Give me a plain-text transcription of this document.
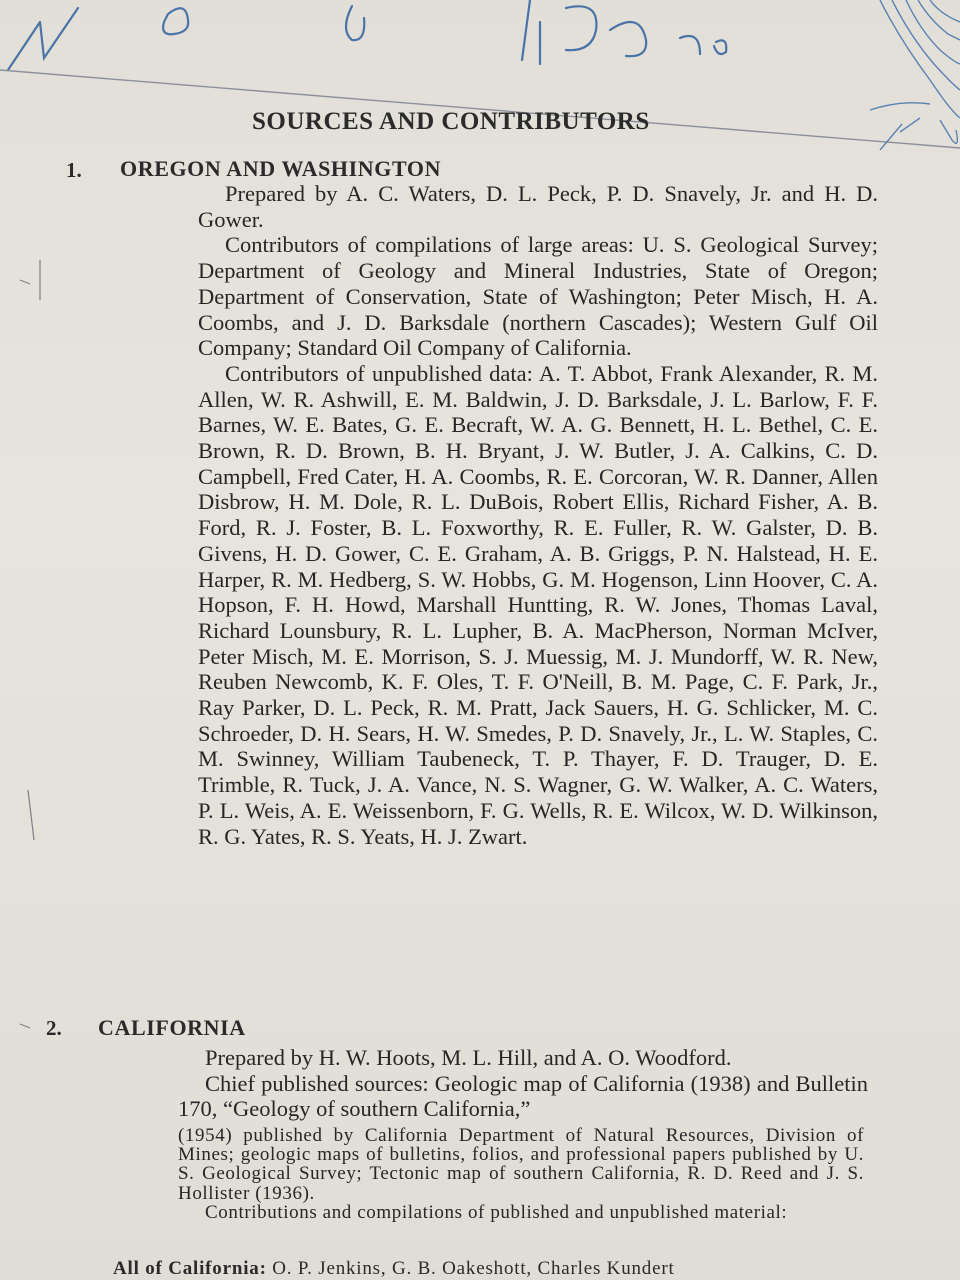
SOURCES AND CONTRIBUTORS
1. OREGON AND WASHINGTON

Prepared by A. C. Waters, D. L. Peck, P. D. Snavely, Jr. and H. D. Gower.

Contributors of compilations of large areas: U. S. Geological Survey; Department of Geology and Mineral Industries, State of Oregon; Department of Conservation, State of Washington; Peter Misch, H. A. Coombs, and J. D. Barksdale (northern Cascades); Western Gulf Oil Company; Standard Oil Company of California.

Contributors of unpublished data: A. T. Abbot, Frank Alexander, R. M. Allen, W. R. Ashwill, E. M. Baldwin, J. D. Barksdale, J. L. Barlow, F. F. Barnes, W. E. Bates, G. E. Becraft, W. A. G. Bennett, H. L. Bethel, C. E. Brown, R. D. Brown, B. H. Bryant, J. W. Butler, J. A. Calkins, C. D. Campbell, Fred Cater, H. A. Coombs, R. E. Corcoran, W. R. Danner, Allen Disbrow, H. M. Dole, R. L. DuBois, Robert Ellis, Richard Fisher, A. B. Ford, R. J. Foster, B. L. Foxworthy, R. E. Fuller, R. W. Galster, D. B. Givens, H. D. Gower, C. E. Graham, A. B. Griggs, P. N. Halstead, H. E. Harper, R. M. Hedberg, S. W. Hobbs, G. M. Hogenson, Linn Hoover, C. A. Hopson, F. H. Howd, Marshall Huntting, R. W. Jones, Thomas Laval, Richard Lounsbury, R. L. Lupher, B. A. MacPherson, Norman McIver, Peter Misch, M. E. Morrison, S. J. Muessig, M. J. Mundorff, W. R. New, Reuben Newcomb, K. F. Oles, T. F. O'Neill, B. M. Page, C. F. Park, Jr., Ray Parker, D. L. Peck, R. M. Pratt, Jack Sauers, H. G. Schlicker, M. C. Schroeder, D. H. Sears, H. W. Smedes, P. D. Snavely, Jr., L. W. Staples, C. M. Swinney, William Taubeneck, T. P. Thayer, F. D. Trauger, D. E. Trimble, R. Tuck, J. A. Vance, N. S. Wagner, G. W. Walker, A. C. Waters, P. L. Weis, A. E. Weissenborn, F. G. Wells, R. E. Wilcox, W. D. Wilkinson, R. G. Yates, R. S. Yeats, H. J. Zwart.

2. CALIFORNIA

Prepared by H. W. Hoots, M. L. Hill, and A. O. Woodford.

Chief published sources: Geologic map of California (1938) and Bulletin 170, “Geology of southern California,”

(1954) published by California Department of Natural Resources, Division of Mines; geologic maps of bulletins, folios, and professional papers published by U. S. Geological Survey; Tectonic map of southern California, R. D. Reed and J. S. Hollister (1936).

Contributions and compilations of published and unpublished material:

All of California: O. P. Jenkins, G. B. Oakeshott, Charles Kundert
